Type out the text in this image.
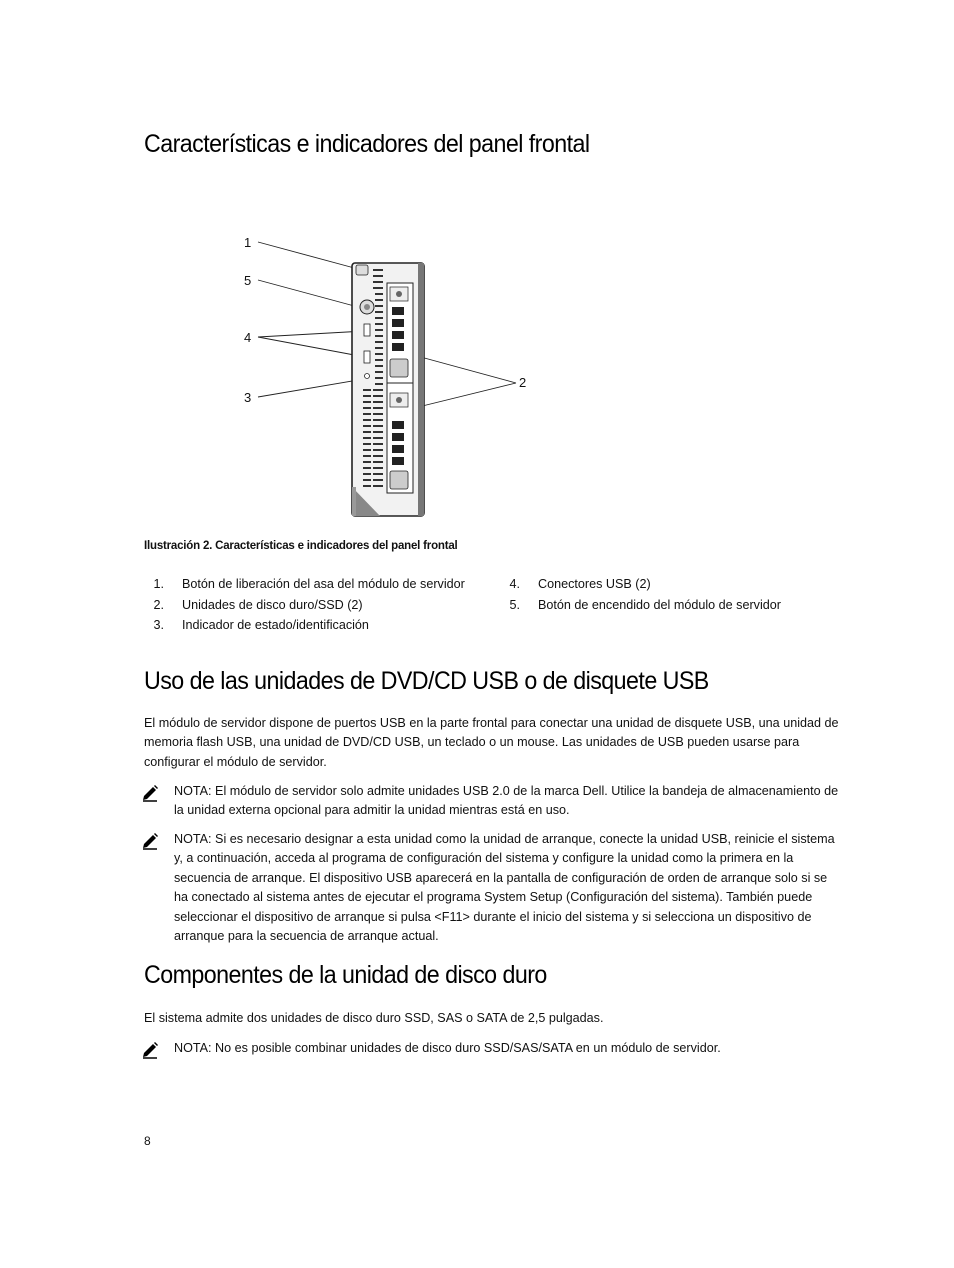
Características e indicadores del panel frontal
1
5
4
3
2

Ilustración 2. Características e indicadores del panel frontal

1. Botón de liberación del asa del módulo de servidor
2. Unidades de disco duro/SSD (2)
3. Indicador de estado/identificación
4. Conectores USB (2)
5. Botón de encendido del módulo de servidor
Uso de las unidades de DVD/CD USB o de disquete USB

El módulo de servidor dispone de puertos USB en la parte frontal para conectar una unidad de disquete USB, una unidad de memoria flash USB, una unidad de DVD/CD USB, un teclado o un mouse. Las unidades de USB pueden usarse para configurar el módulo de servidor.

NOTA: El módulo de servidor solo admite unidades USB 2.0 de la marca Dell. Utilice la bandeja de almacenamiento de la unidad externa opcional para admitir la unidad mientras está en uso.

NOTA: Si es necesario designar a esta unidad como la unidad de arranque, conecte la unidad USB, reinicie el sistema y, a continuación, acceda al programa de configuración del sistema y configure la unidad como la primera en la secuencia de arranque. El dispositivo USB aparecerá en la pantalla de configuración de orden de arranque solo si se ha conectado al sistema antes de ejecutar el programa System Setup (Configuración del sistema). También puede seleccionar el dispositivo de arranque si pulsa <F11> durante el inicio del sistema y si selecciona un dispositivo de arranque para la secuencia de arranque actual.

Componentes de la unidad de disco duro

El sistema admite dos unidades de disco duro SSD, SAS o SATA de 2,5 pulgadas.

NOTA: No es posible combinar unidades de disco duro SSD/SAS/SATA en un módulo de servidor.

8
